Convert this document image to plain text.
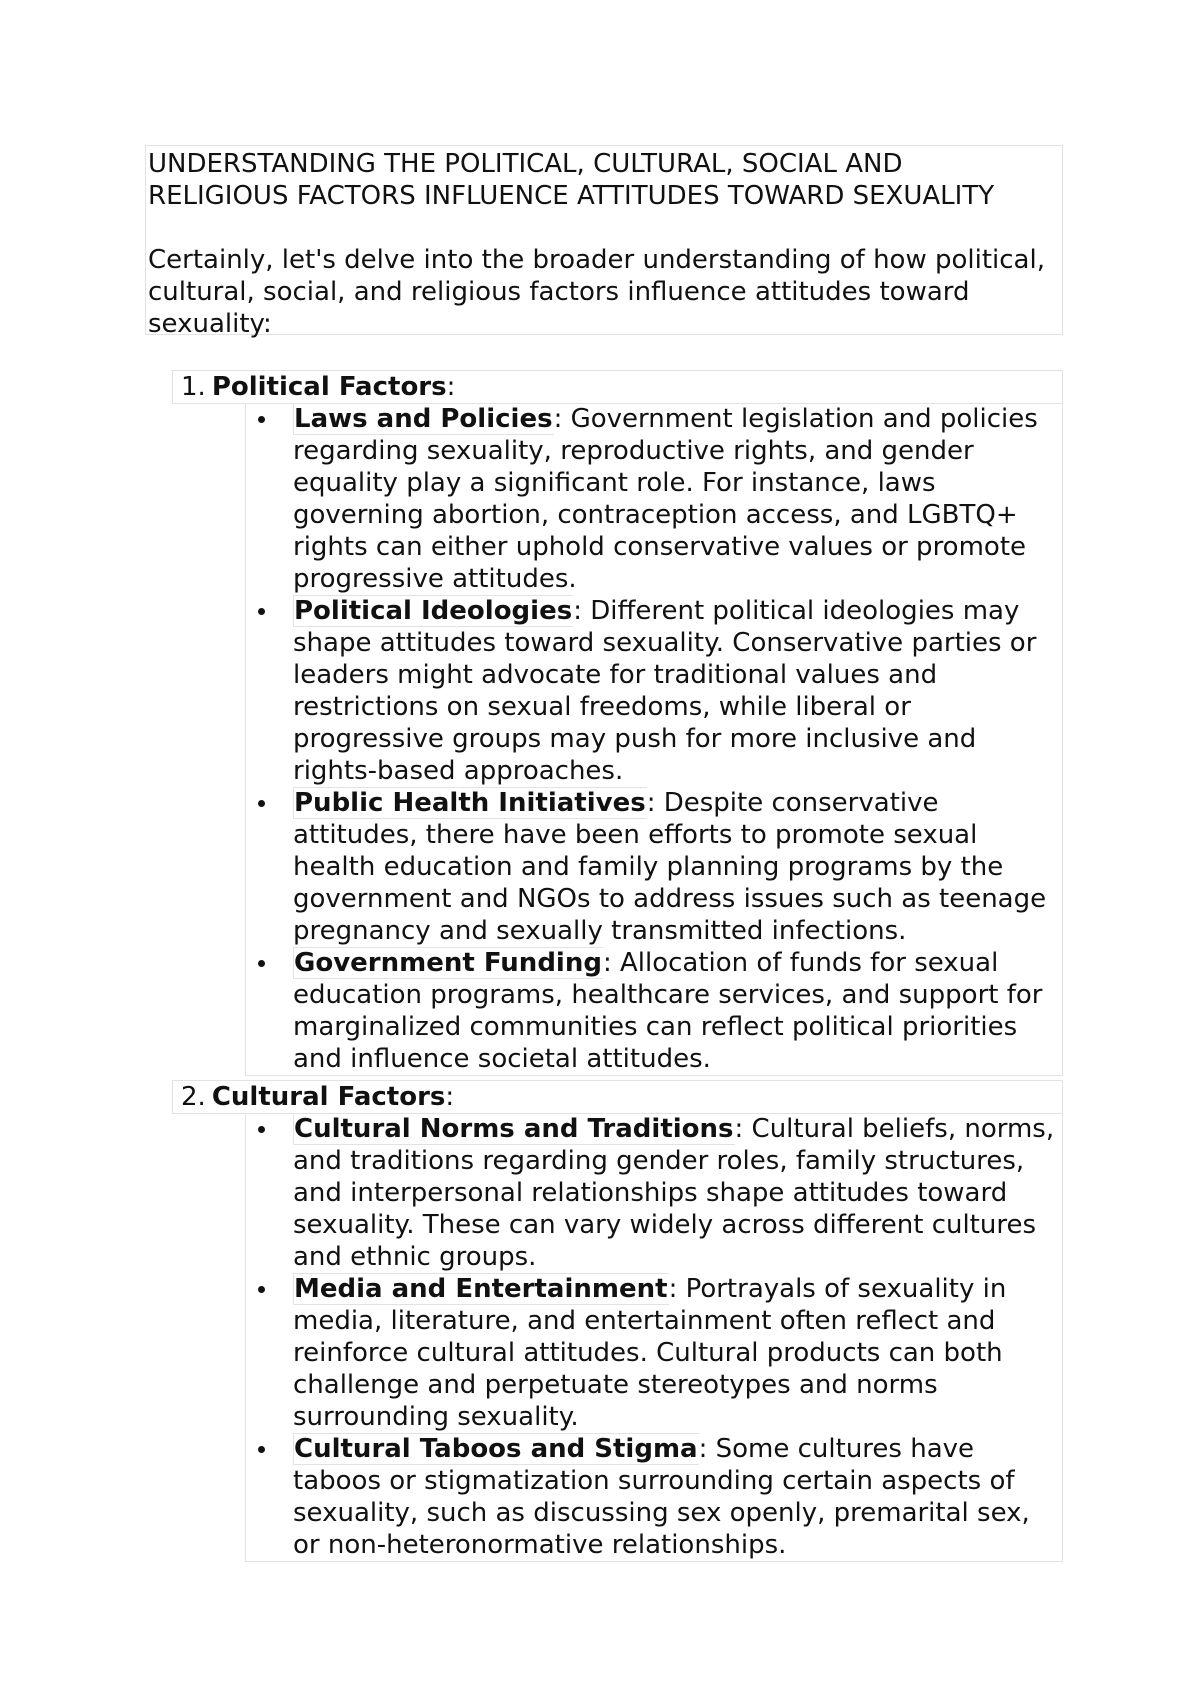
UNDERSTANDING THE POLITICAL, CULTURAL, SOCIAL AND
RELIGIOUS FACTORS INFLUENCE ATTITUDES TOWARD SEXUALITY

Certainly, let's delve into the broader understanding of how political, cultural, social, and religious factors influence attitudes toward sexuality:

1. Political Factors:
Laws and Policies: Government legislation and policies regarding sexuality, reproductive rights, and gender equality play a significant role. For instance, laws governing abortion, contraception access, and LGBTQ+ rights can either uphold conservative values or promote progressive attitudes.
Political Ideologies: Different political ideologies may shape attitudes toward sexuality. Conservative parties or leaders might advocate for traditional values and restrictions on sexual freedoms, while liberal or progressive groups may push for more inclusive and rights-based approaches.
Public Health Initiatives: Despite conservative attitudes, there have been efforts to promote sexual health education and family planning programs by the government and NGOs to address issues such as teenage pregnancy and sexually transmitted infections.
Government Funding: Allocation of funds for sexual education programs, healthcare services, and support for marginalized communities can reflect political priorities and influence societal attitudes.
2. Cultural Factors:
Cultural Norms and Traditions: Cultural beliefs, norms, and traditions regarding gender roles, family structures, and interpersonal relationships shape attitudes toward sexuality. These can vary widely across different cultures and ethnic groups.
Media and Entertainment: Portrayals of sexuality in media, literature, and entertainment often reflect and reinforce cultural attitudes. Cultural products can both challenge and perpetuate stereotypes and norms surrounding sexuality.
Cultural Taboos and Stigma: Some cultures have taboos or stigmatization surrounding certain aspects of sexuality, such as discussing sex openly, premarital sex, or non-heteronormative relationships.
